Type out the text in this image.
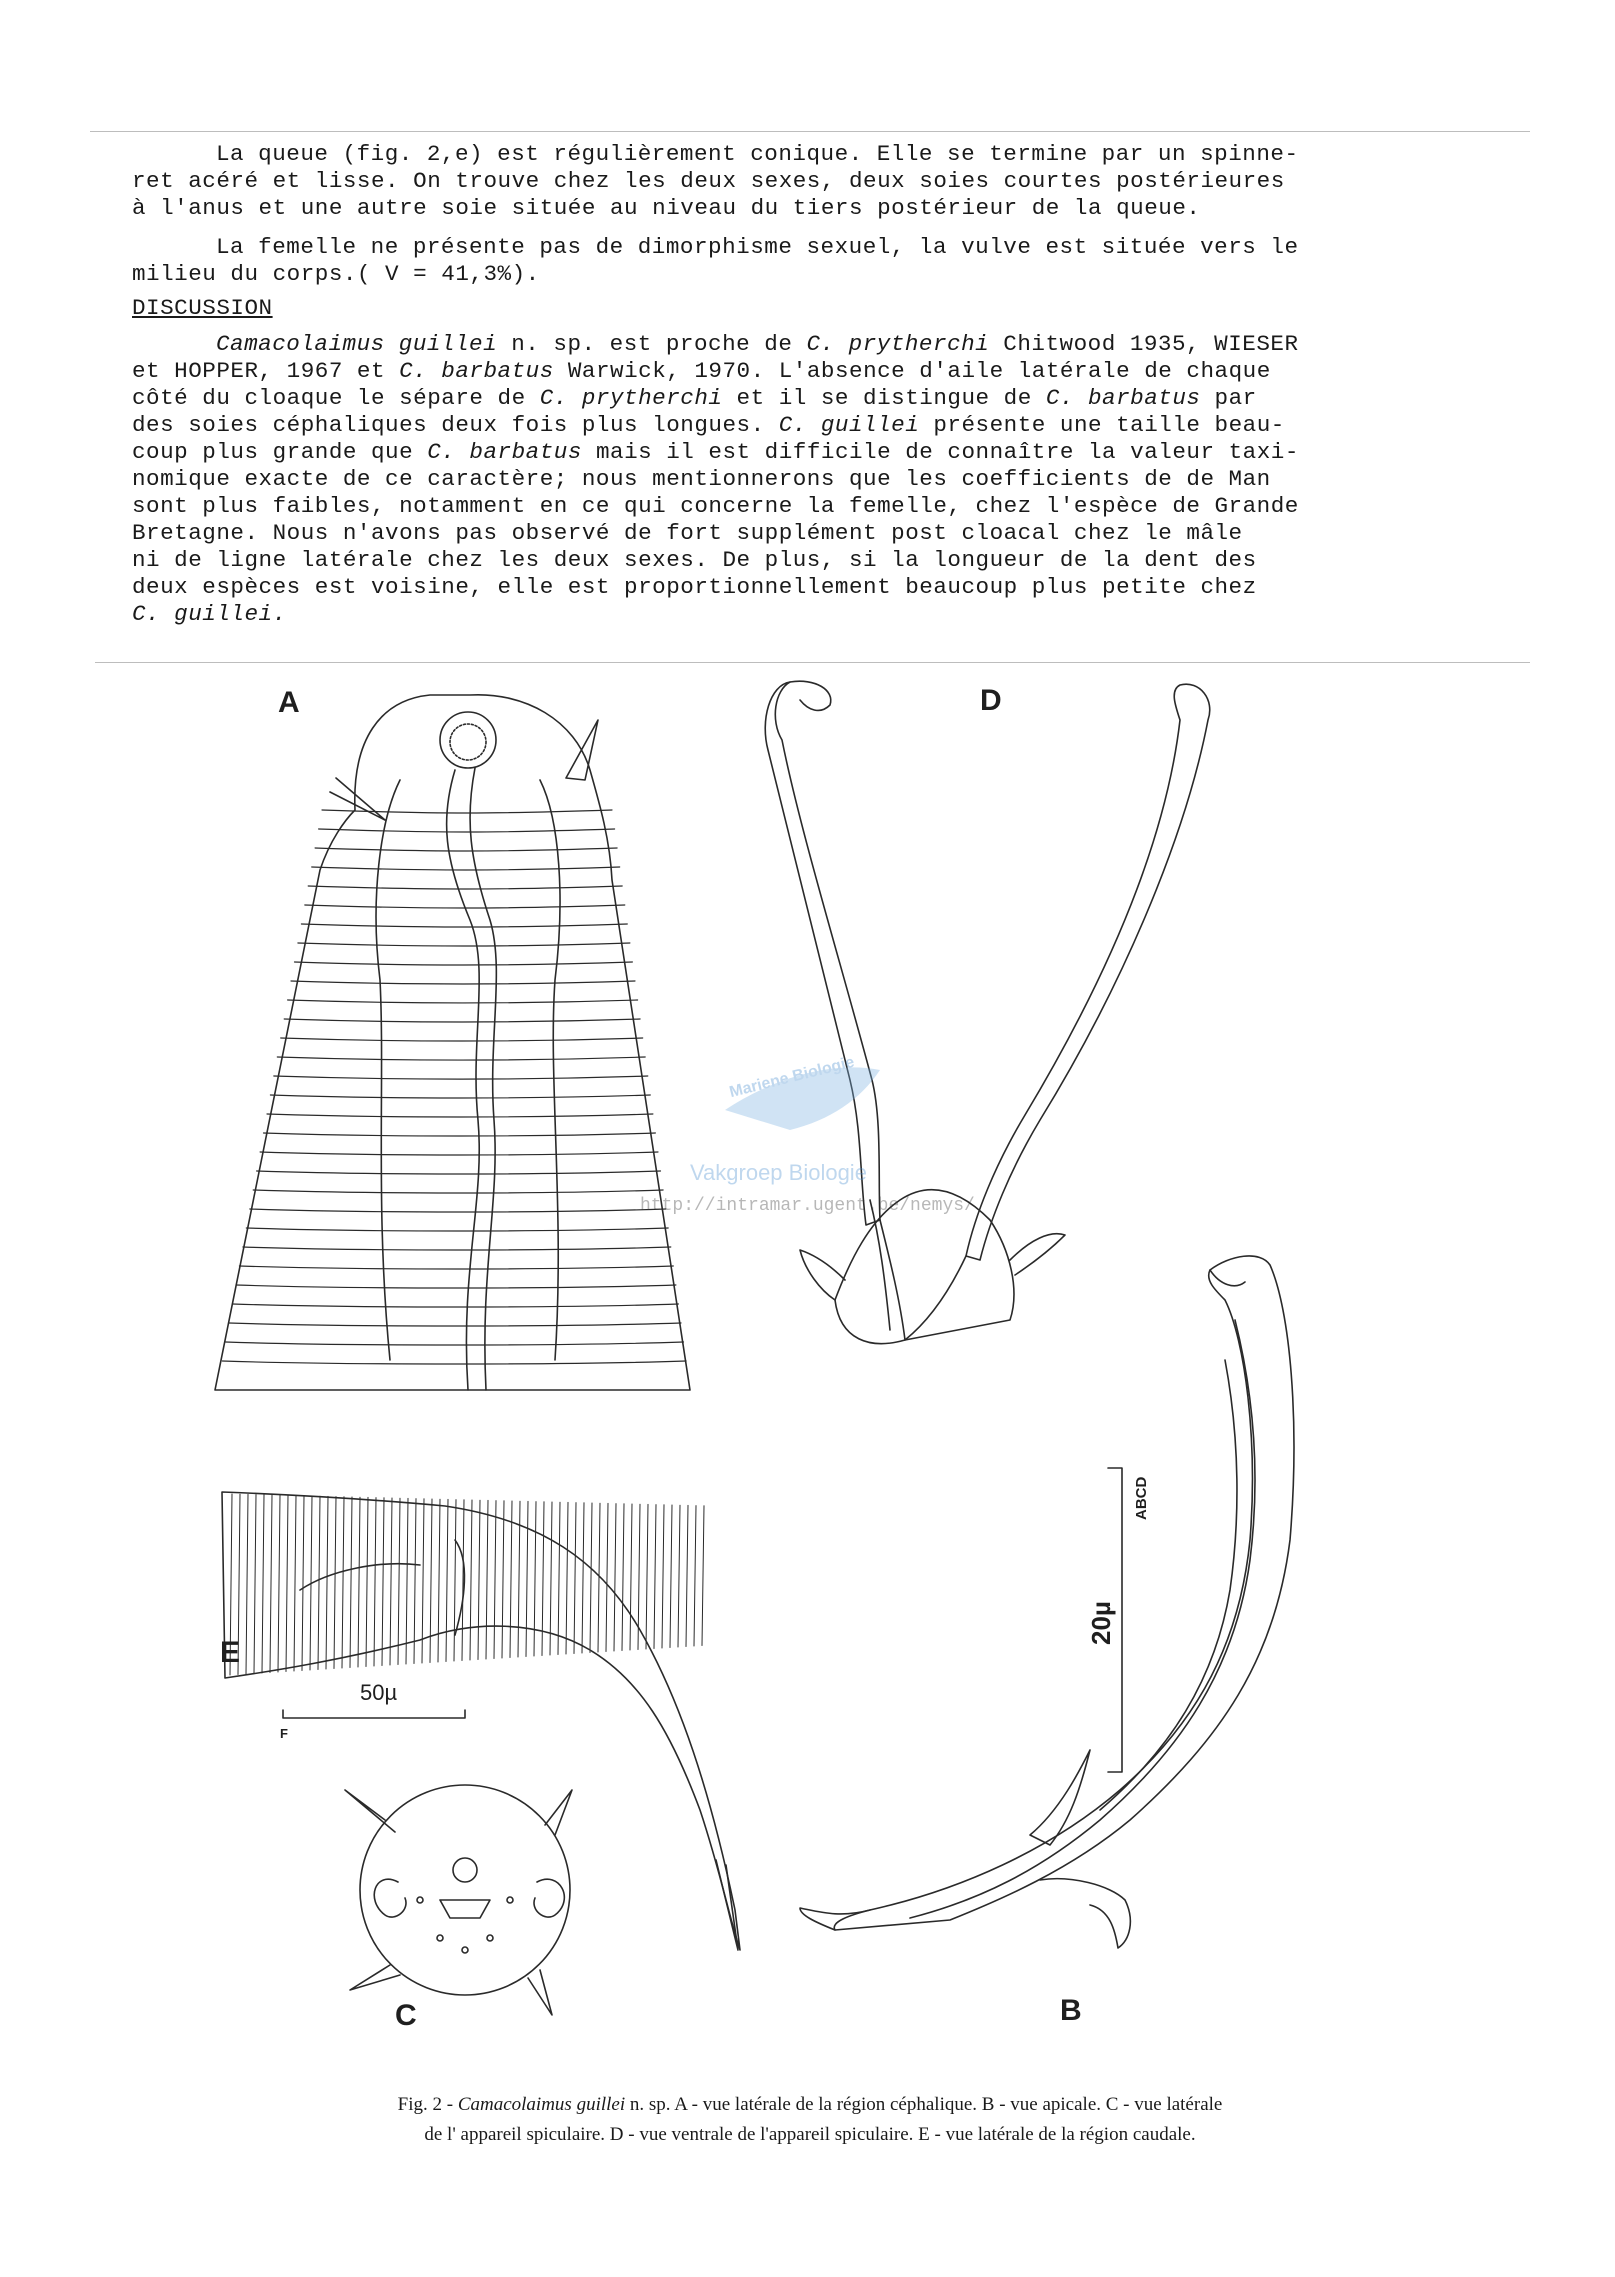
La queue (fig. 2,e) est régulièrement conique. Elle se termine par un spinne-
ret acéré et lisse. On trouve chez les deux sexes, deux soies courtes postérieures
à l'anus et une autre soie située au niveau du tiers postérieur de la queue.
La femelle ne présente pas de dimorphisme sexuel, la vulve est située vers le
milieu du corps.( V = 41,3%).
DISCUSSION
Camacolaimus guillei n. sp. est proche de C. prytherchi Chitwood 1935, WIESER
et HOPPER, 1967 et C. barbatus Warwick, 1970. L'absence d'aile latérale de chaque
côté du cloaque le sépare de C. prytherchi et il se distingue de C. barbatus par
des soies céphaliques deux fois plus longues. C. guillei présente une taille beau-
coup plus grande que C. barbatus mais il est difficile de connaître la valeur taxi-
nomique exacte de ce caractère; nous mentionnerons que les coefficients de de Man
sont plus faibles, notamment en ce qui concerne la femelle, chez l'espèce de Grande
Bretagne. Nous n'avons pas observé de fort supplément post cloacal chez le mâle
ni de ligne latérale chez les deux sexes. De plus, si la longueur de la dent des
deux espèces est voisine, elle est proportionnellement beaucoup plus petite chez
C. guillei.
Mariene Biologie
Vakgroep Biologie
http://intramar.ugent.be/nemys/
A	D
E
C	B
F
20µ
ABCD
50µ
Fig. 2 - Camacolaimus guillei n. sp. A - vue latérale de la région céphalique. B - vue apicale. C - vue latérale
de l' appareil spiculaire. D - vue ventrale de l'appareil spiculaire. E - vue latérale de la région caudale.
